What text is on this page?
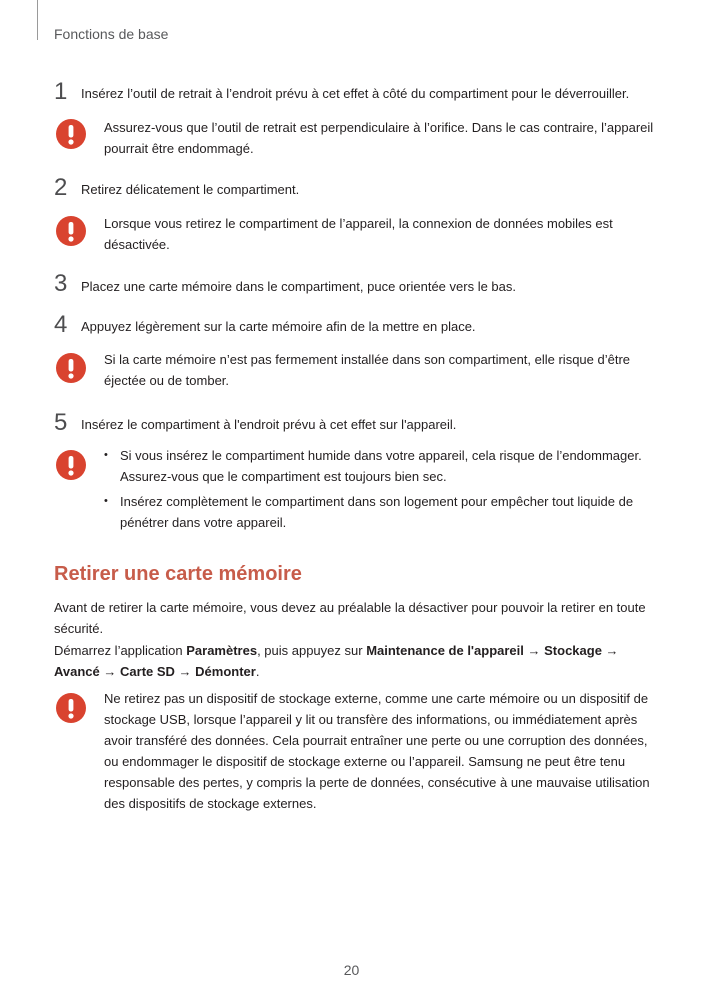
Fonctions de base
1 Insérez l’outil de retrait à l’endroit prévu à cet effet à côté du compartiment pour le déverrouiller.
Assurez-vous que l’outil de retrait est perpendiculaire à l’orifice. Dans le cas contraire, l’appareil pourrait être endommagé.
2 Retirez délicatement le compartiment.
Lorsque vous retirez le compartiment de l’appareil, la connexion de données mobiles est désactivée.
3 Placez une carte mémoire dans le compartiment, puce orientée vers le bas.
4 Appuyez légèrement sur la carte mémoire afin de la mettre en place.
Si la carte mémoire n’est pas fermement installée dans son compartiment, elle risque d’être éjectée ou de tomber.
5 Insérez le compartiment à l'endroit prévu à cet effet sur l'appareil.
• Si vous insérez le compartiment humide dans votre appareil, cela risque de l’endommager. Assurez-vous que le compartiment est toujours bien sec.
• Insérez complètement le compartiment dans son logement pour empêcher tout liquide de pénétrer dans votre appareil.
Retirer une carte mémoire
Avant de retirer la carte mémoire, vous devez au préalable la désactiver pour pouvoir la retirer en toute sécurité.
Démarrez l’application Paramètres, puis appuyez sur Maintenance de l'appareil → Stockage → Avancé → Carte SD → Démonter.
Ne retirez pas un dispositif de stockage externe, comme une carte mémoire ou un dispositif de stockage USB, lorsque l’appareil y lit ou transfère des informations, ou immédiatement après avoir transféré des données. Cela pourrait entraîner une perte ou une corruption des données, ou endommager le dispositif de stockage externe ou l’appareil. Samsung ne peut être tenu responsable des pertes, y compris la perte de données, consécutive à une mauvaise utilisation des dispositifs de stockage externes.
20
